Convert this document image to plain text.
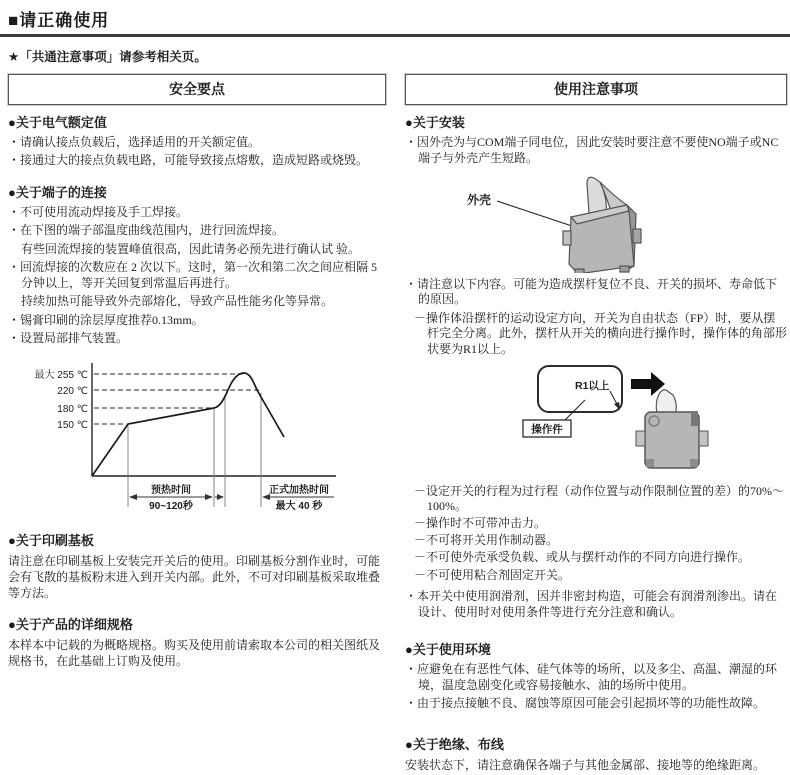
■请正确使用
★「共通注意事项」请参考相关页。
安全要点
●关于电气额定值

・请确认接点负载后，选择适用的开关额定值。

・接通过大的接点负载电路，可能导致接点熔敷，造成短路或烧毁。

●关于端子的连接

・不可使用流动焊接及手工焊接。

・在下图的端子部温度曲线范围内，进行回流焊接。

有些回流焊接的装置峰值很高，因此请务必预先进行确认试 验。

・回流焊接的次数应在 2 次以下。这时，第一次和第二次之间应相隔 5分钟以上，等开关回复到常温后再进行。

持续加热可能导致外壳部熔化，导致产品性能劣化等异常。

・锡膏印刷的涂层厚度推荐0.13mm。

・设置局部排气装置。

最大 255 ℃
220 ℃
180 ℃
150 ℃
预热时间
90~120秒
正式加热时间
最大 40 秒
●关于印刷基板

请注意在印刷基板上安装完开关后的使用。印刷基板分割作业时，可能会有飞散的基板粉末进入到开关内部。此外，不可对印刷基板采取堆叠等方法。

●关于产品的详细规格

本样本中记载的为概略规格。购买及使用前请索取本公司的相关图纸及规格书，在此基础上订购及使用。

使用注意事项
●关于安装

・因外壳为与COM端子同电位，因此安装时要注意不要使NO端子或NC端子与外壳产生短路。

外壳

・请注意以下内容。可能为造成摆杆复位不良、开关的损坏、寿命低下的原因。

－操作体沿摆杆的运动设定方向，开关为自由状态（FP）时，要从摆杆完全分离。此外，摆杆从开关的横向进行操作时，操作体的角部形状要为R1以上。

R1以上
操作件

－设定开关的行程为过行程（动作位置与动作限制位置的差）的70%～100%。

－操作时不可带冲击力。

－不可将开关用作制动器。

－不可使外壳承受负载、或从与摆杆动作的不同方向进行操作。

－不可使用粘合剂固定开关。

・本开关中使用润滑剂，因并非密封构造，可能会有润滑剂渗出。请在设计、使用时对使用条件等进行充分注意和确认。

●关于使用环境

・应避免在有恶性气体、硅气体等的场所，以及多尘、高温、潮湿的环境，温度急剧变化或容易接触水、油的场所中使用。

・由于接点接触不良、腐蚀等原因可能会引起损坏等的功能性故障。

●关于绝缘、布线

安装状态下，请注意确保各端子与其他金属部、接地等的绝缘距离。
